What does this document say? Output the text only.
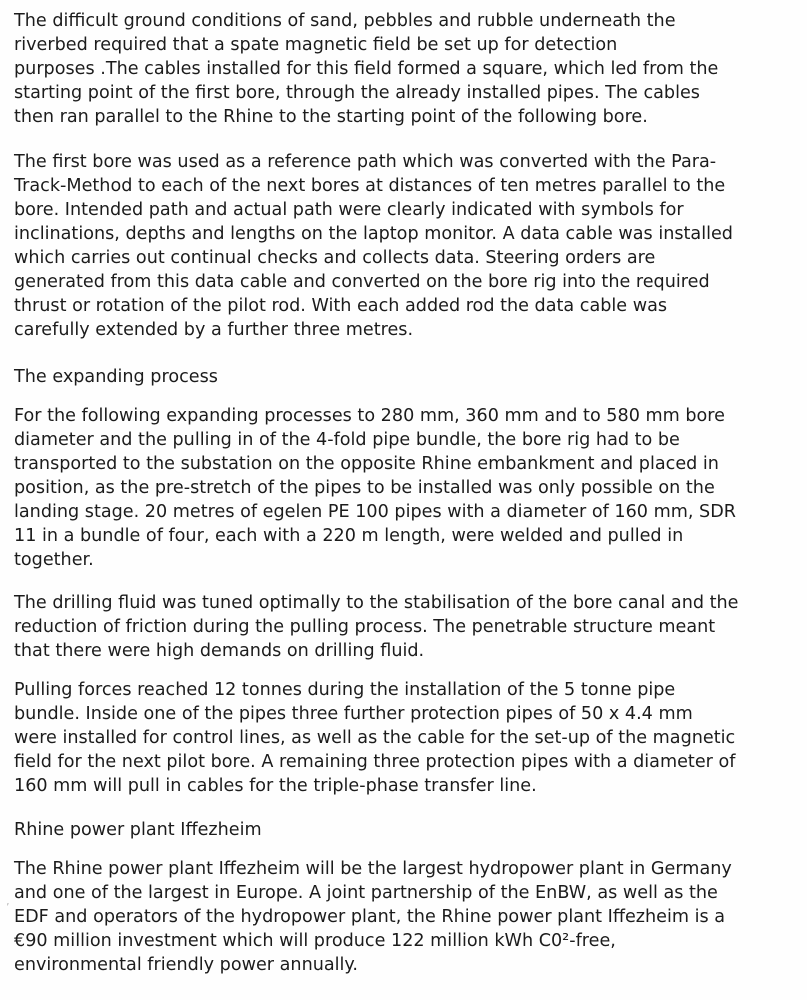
The difficult ground conditions of sand, pebbles and rubble underneath the
riverbed required that a spate magnetic field be set up for detection
purposes .The cables installed for this field formed a square, which led from the
starting point of the first bore, through the already installed pipes. The cables
then ran parallel to the Rhine to the starting point of the following bore.

The first bore was used as a reference path which was converted with the Para-
Track-Method to each of the next bores at distances of ten metres parallel to the
bore. Intended path and actual path were clearly indicated with symbols for
inclinations, depths and lengths on the laptop monitor. A data cable was installed
which carries out continual checks and collects data. Steering orders are
generated from this data cable and converted on the bore rig into the required
thrust or rotation of the pilot rod. With each added rod the data cable was
carefully extended by a further three metres.

The expanding process

For the following expanding processes to 280 mm, 360 mm and to 580 mm bore
diameter and the pulling in of the 4-fold pipe bundle, the bore rig had to be
transported to the substation on the opposite Rhine embankment and placed in
position, as the pre-stretch of the pipes to be installed was only possible on the
landing stage. 20 metres of egelen PE 100 pipes with a diameter of 160 mm, SDR
11 in a bundle of four, each with a 220 m length, were welded and pulled in
together.

The drilling fluid was tuned optimally to the stabilisation of the bore canal and the
reduction of friction during the pulling process. The penetrable structure meant
that there were high demands on drilling fluid.

Pulling forces reached 12 tonnes during the installation of the 5 tonne pipe
bundle. Inside one of the pipes three further protection pipes of 50 x 4.4 mm
were installed for control lines, as well as the cable for the set-up of the magnetic
field for the next pilot bore. A remaining three protection pipes with a diameter of
160 mm will pull in cables for the triple-phase transfer line.

Rhine power plant Iffezheim

The Rhine power plant Iffezheim will be the largest hydropower plant in Germany
and one of the largest in Europe. A joint partnership of the EnBW, as well as the
EDF and operators of the hydropower plant, the Rhine power plant Iffezheim is a
€90 million investment which will produce 122 million kWh C0²-free,
environmental friendly power annually.

ʼ
